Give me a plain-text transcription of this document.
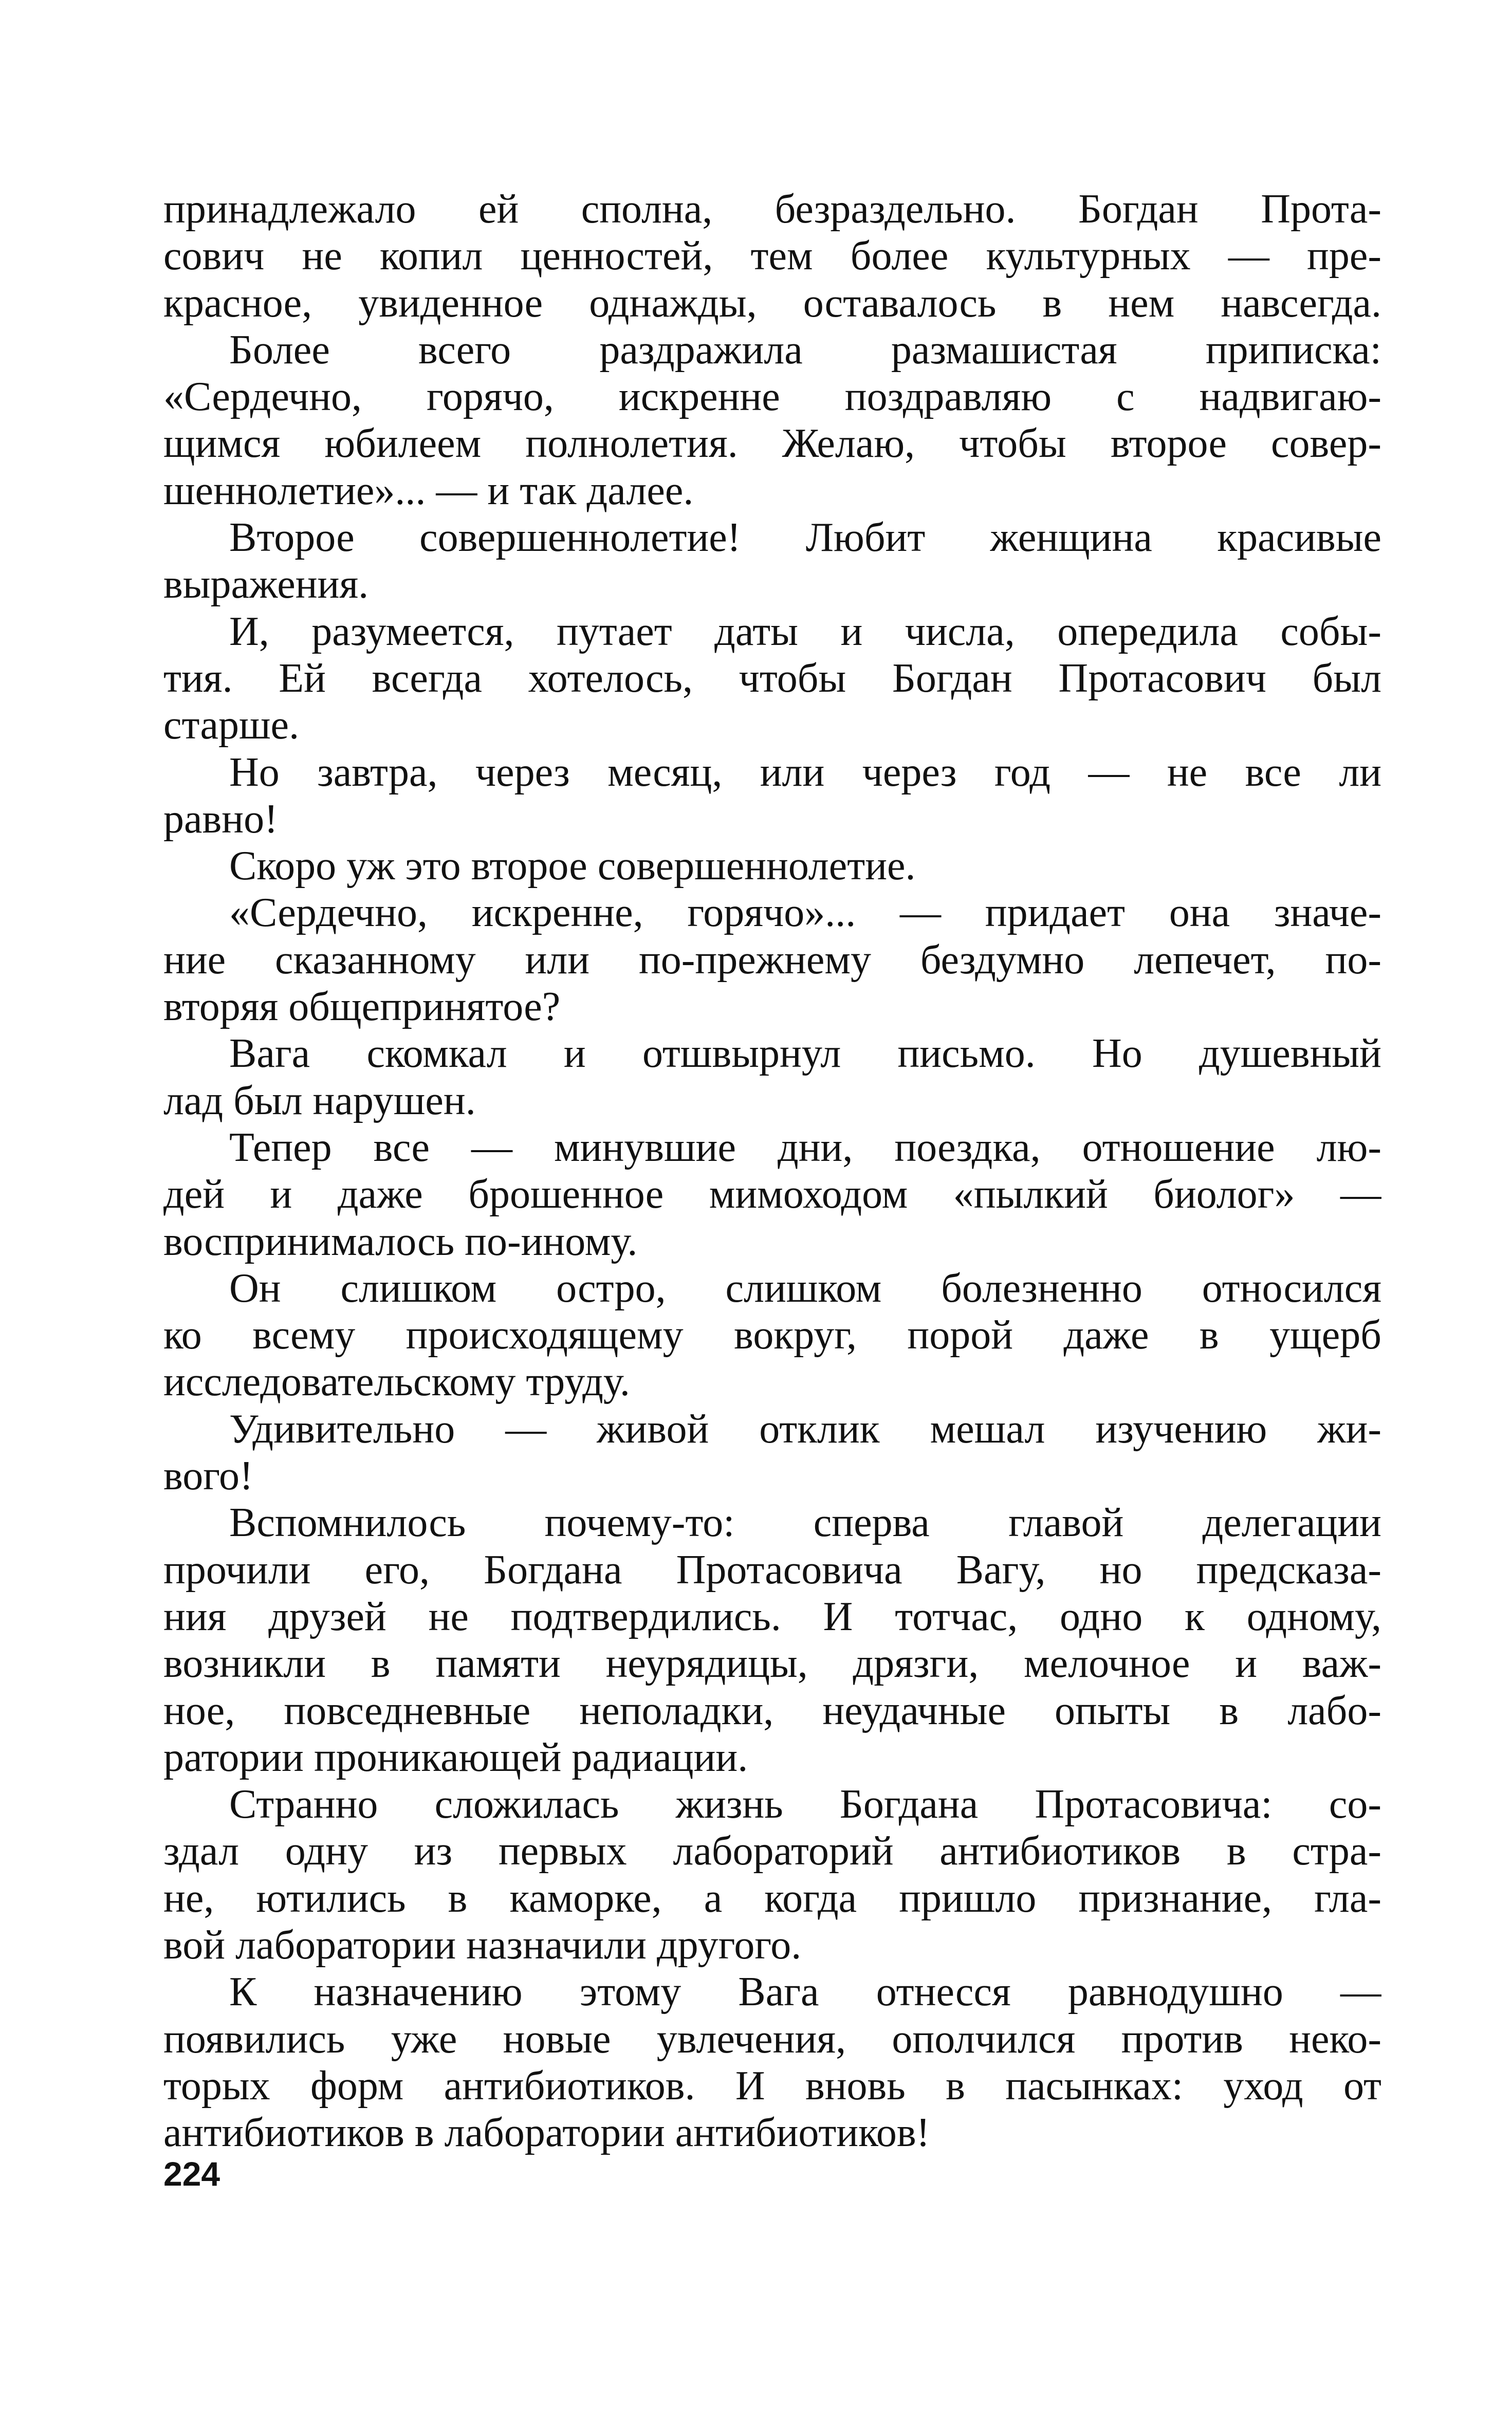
принадлежало ей сполна, безраздельно. Богдан Прота-
сович не копил ценностей, тем более культурных — пре-
красное, увиденное однажды, оставалось в нем навсегда.
Более всего раздражила размашистая приписка:
«Сердечно, горячо, искренне поздравляю с надвигаю-
щимся юбилеем полнолетия. Желаю, чтобы второе совер-
шеннолетие»... — и так далее.
Второе совершеннолетие! Любит женщина красивые
выражения.
И, разумеется, путает даты и числа, опередила собы-
тия. Ей всегда хотелось, чтобы Богдан Протасович был
старше.
Но завтра, через месяц, или через год — не все ли
равно!
Скоро уж это второе совершеннолетие.
«Сердечно, искренне, горячо»... — придает она значе-
ние сказанному или по-прежнему бездумно лепечет, по-
вторяя общепринятое?
Вага скомкал и отшвырнул письмо. Но душевный
лад был нарушен.
Тепер все — минувшие дни, поездка, отношение лю-
дей и даже брошенное мимоходом «пылкий биолог» —
воспринималось по-иному.
Он слишком остро, слишком болезненно относился
ко всему происходящему вокруг, порой даже в ущерб
исследовательскому труду.
Удивительно — живой отклик мешал изучению жи-
вого!
Вспомнилось почему-то: сперва главой делегации
прочили его, Богдана Протасовича Вагу, но предсказа-
ния друзей не подтвердились. И тотчас, одно к одному,
возникли в памяти неурядицы, дрязги, мелочное и важ-
ное, повседневные неполадки, неудачные опыты в лабо-
ратории проникающей радиации.
Странно сложилась жизнь Богдана Протасовича: со-
здал одну из первых лабораторий антибиотиков в стра-
не, ютились в каморке, а когда пришло признание, гла-
вой лаборатории назначили другого.
К назначению этому Вага отнесся равнодушно —
появились уже новые увлечения, ополчился против неко-
торых форм антибиотиков. И вновь в пасынках: уход от
антибиотиков в лаборатории антибиотиков!
224
